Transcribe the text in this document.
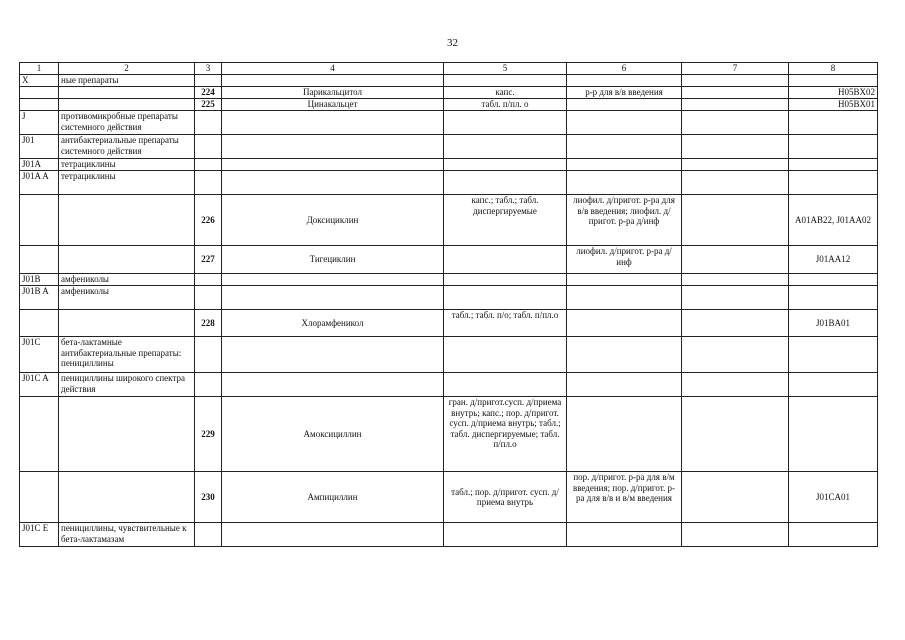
32
1	2	3	4	5	6	7	8
X	ные препараты						
		224	Парикальцитол	капс.	р-р для в/в введения		H05BX02
		225	Цинакальцет	табл. п/пл. о			H05BX01
J	противомикробные препараты системного действия						
J01	антибактериальные препараты системного действия						
J01A	тетрациклины						
J01A A	тетрациклины						
		226	Доксициклин	капс.; табл.; табл. диспергируемые	лиофил. д/пригот. р-ра для в/в введения; лиофил. д/пригот. р-ра д/инф		A01AB22, J01AA02
		227	Тигециклин		лиофил. д/пригот. р-ра д/инф		J01AA12
J01B	амфениколы						
J01B A	амфениколы						
		228	Хлорамфеникол	табл.; табл. п/о; табл. п/пл.о			J01BA01
J01C	бета-лактамные антибактериальные препараты: пенициллины						
J01C A	пенициллины широкого спектра действия						
		229	Амоксициллин	гран. д/пригот.сусп. д/приема внутрь; капс.; пор. д/пригот. сусп. д/приема внутрь; табл.; табл. диспергируемые; табл. п/пл.о			
		230	Ампициллин	табл.; пор. д/пригот. сусп. д/приема внутрь	пор. д/пригот. р-ра для в/м введения; пор. д/пригот. р-ра для в/в и в/м введения		J01CA01
J01C E	пенициллины, чувствительные к бета-лактамазам						
